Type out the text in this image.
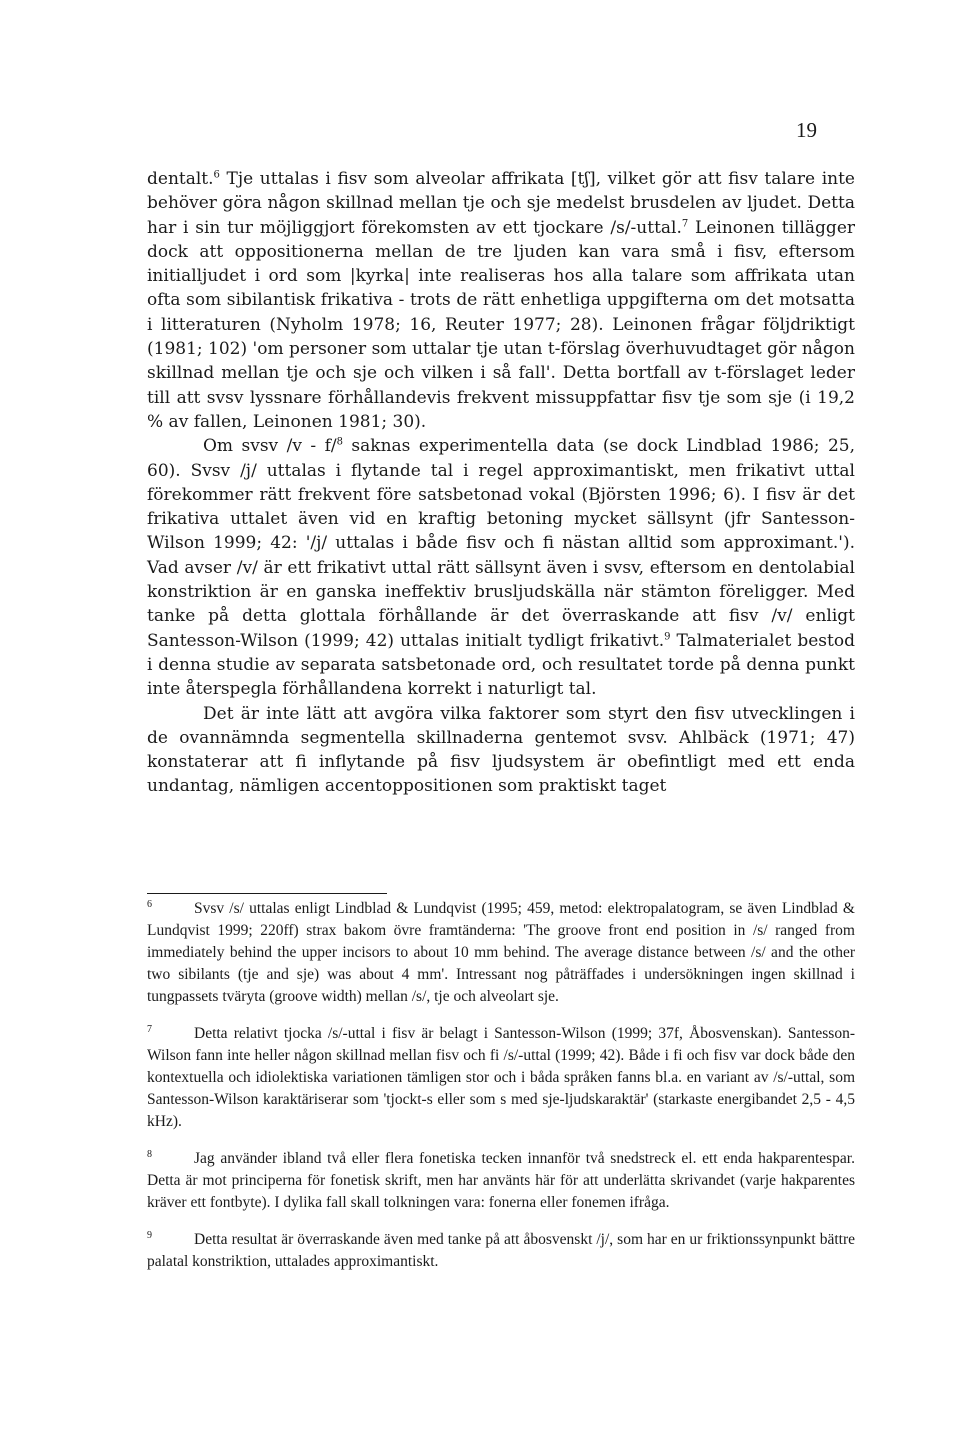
19

dentalt.$^6$ Tje uttalas i fisv som alveolar affrikata [tʃ], vilket gör att fisv talare inte behöver göra någon skillnad mellan tje och sje medelst brusdelen av ljudet. Detta har i sin tur möjliggjort förekomsten av ett tjockare /s/-uttal.$^7$ Leinonen tillägger dock att oppositionerna mellan de tre ljuden kan vara små i fisv, eftersom initialljudet i ord som |kyrka| inte realiseras hos alla talare som affrikata utan ofta som sibilantisk frikativa - trots de rätt enhetliga uppgifterna om det motsatta i litteraturen (Nyholm 1978; 16, Reuter 1977; 28). Leinonen frågar följdriktigt (1981; 102) 'om personer som uttalar tje utan t-förslag överhuvudtaget gör någon skillnad mellan tje och sje och vilken i så fall'. Detta bortfall av t-förslaget leder till att svsv lyssnare förhållandevis frekvent missuppfattar fisv tje som sje (i 19,2 % av fallen, Leinonen 1981; 30).

Om svsv /v - f/$^8$ saknas experimentella data (se dock Lindblad 1986; 25, 60). Svsv /j/ uttalas i flytande tal i regel approximantiskt, men frikativt uttal förekommer rätt frekvent före satsbetonad vokal (Björsten 1996; 6). I fisv är det frikativa uttalet även vid en kraftig betoning mycket sällsynt (jfr Santesson-Wilson 1999; 42: '/j/ uttalas i både fisv och fi nästan alltid som approximant.'). Vad avser /v/ är ett frikativt uttal rätt sällsynt även i svsv, eftersom en dentolabial konstriktion är en ganska ineffektiv brusljudskälla när stämton föreligger. Med tanke på detta glottala förhållande är det överraskande att fisv /v/ enligt Santesson-Wilson (1999; 42) uttalas initialt tydligt frikativt.$^9$ Talmaterialet bestod i denna studie av separata satsbetonade ord, och resultatet torde på denna punkt inte återspegla förhållandena korrekt i naturligt tal.

Det är inte lätt att avgöra vilka faktorer som styrt den fisv utvecklingen i de ovannämnda segmentella skillnaderna gentemot svsv. Ahlbäck (1971; 47) konstaterar att fi inflytande på fisv ljudsystem är obefintligt med ett enda undantag, nämligen accentoppositionen som praktiskt taget

$^6$	Svsv /s/ uttalas enligt Lindblad & Lundqvist (1995; 459, metod: elektropalatogram, se även Lindblad & Lundqvist 1999; 220ff) strax bakom övre framtänderna: 'The groove front end position in /s/ ranged from immediately behind the upper incisors to about 10 mm behind. The average distance between /s/ and the other two sibilants (tje and sje) was about 4 mm'. Intressant nog påträffades i undersökningen ingen skillnad i tungpassets tväryta (groove width) mellan /s/, tje och alveolart sje.
$^7$	Detta relativt tjocka /s/-uttal i fisv är belagt i Santesson-Wilson (1999; 37f, Åbosvenskan). Santesson-Wilson fann inte heller någon skillnad mellan fisv och fi /s/-uttal (1999; 42). Både i fi och fisv var dock både den kontextuella och idiolektiska variationen tämligen stor och i båda språken fanns bl.a. en variant av /s/-uttal, som Santesson-Wilson karaktäriserar som 'tjockt-s eller som s med sje-ljudskaraktär' (starkaste energibandet 2,5 - 4,5 kHz).
$^8$	Jag använder ibland två eller flera fonetiska tecken innanför två snedstreck el. ett enda hakparentespar. Detta är mot principerna för fonetisk skrift, men har använts här för att underlätta skrivandet (varje hakparentes kräver ett fontbyte). I dylika fall skall tolkningen vara: fonerna eller fonemen ifråga.
$^9$	Detta resultat är överraskande även med tanke på att åbosvenskt /j/, som har en ur friktionssynpunkt bättre palatal konstriktion, uttalades approximantiskt.
